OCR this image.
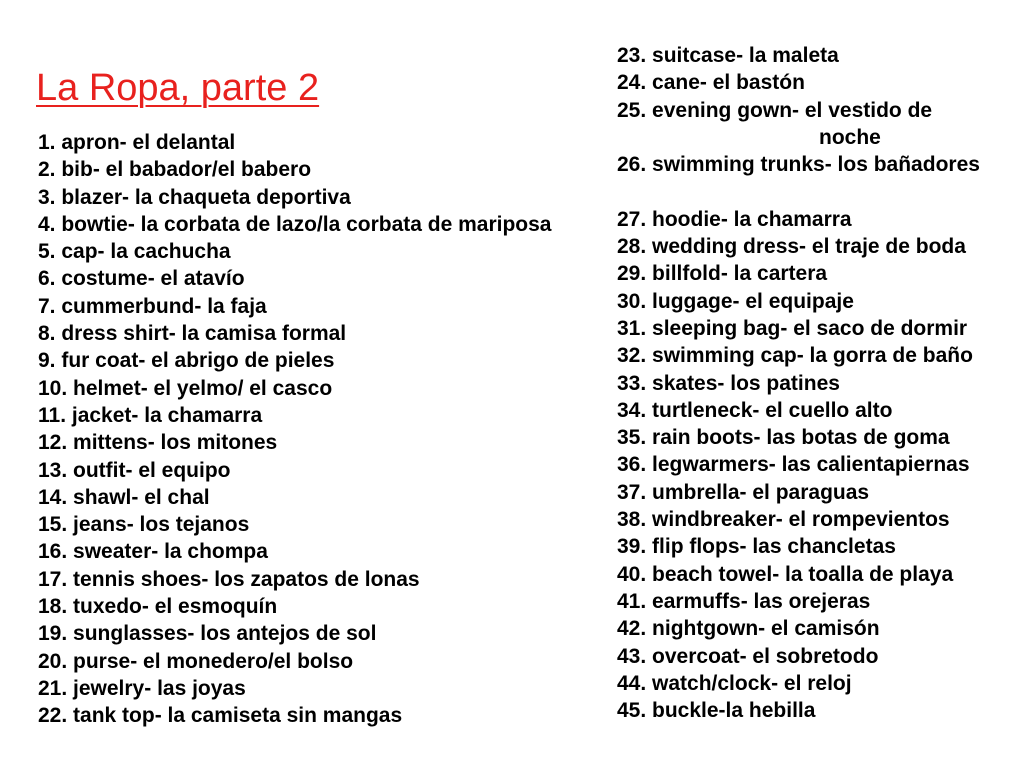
La Ropa, parte 2
1. apron- el delantal
2. bib- el babador/el babero
3. blazer- la chaqueta deportiva
4. bowtie- la corbata de lazo/la corbata de mariposa
5. cap- la cachucha
6. costume- el atavío
7. cummerbund- la faja
8. dress shirt- la camisa formal
9. fur coat- el abrigo de pieles
10. helmet- el yelmo/ el casco
11. jacket- la chamarra
12. mittens- los mitones
13. outfit- el equipo
14. shawl- el chal
15. jeans- los tejanos
16. sweater- la chompa
17. tennis shoes- los zapatos de lonas
18. tuxedo- el esmoquín
19. sunglasses- los antejos de sol
20. purse- el monedero/el bolso
21. jewelry- las joyas
22. tank top- la camiseta sin mangas
23. suitcase- la maleta
24. cane- el bastón
25. evening gown- el vestido de
noche
26. swimming trunks- los bañadores
27. hoodie- la chamarra
28. wedding dress- el traje de boda
29. billfold- la cartera
30. luggage- el equipaje
31. sleeping bag- el saco de dormir
32. swimming cap- la gorra de baño
33. skates- los patines
34. turtleneck- el cuello alto
35. rain boots- las botas de goma
36. legwarmers- las calientapiernas
37. umbrella- el paraguas
38. windbreaker- el rompevientos
39. flip flops- las chancletas
40. beach towel- la toalla de playa
41. earmuffs- las orejeras
42. nightgown- el camisón
43. overcoat- el sobretodo
44. watch/clock- el reloj
45. buckle-la hebilla
